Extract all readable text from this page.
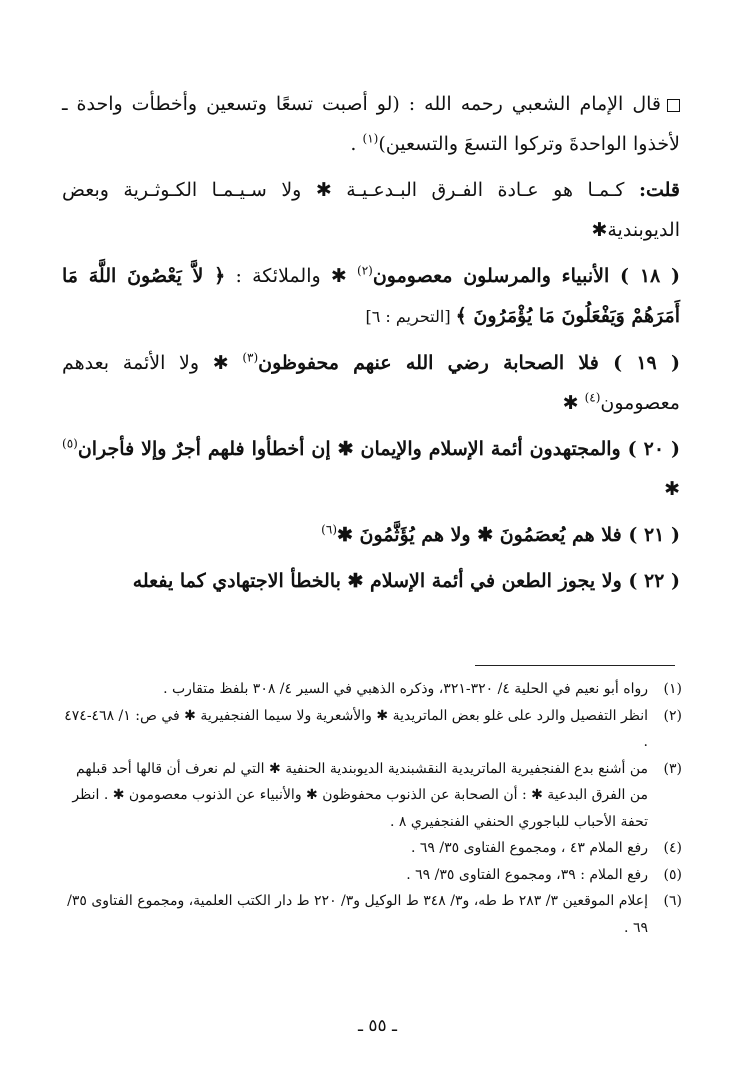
قال الإمام الشعبي رحمه الله : (لو أصبت تسعًا وتسعين وأخطأت واحدة ـ لأخذوا الواحدةَ وتركوا التسعَ والتسعين)$^{(١)}$ .

قلت: كـمـا هو عـادة الفـرق البـدعـيـة ✱ ولا سـيـمـا الكـوثـرية وبعض الديوبندية✱

( ١٨ ) الأنبياء والمرسلون معصومون$^{(٢)}$ ✱ والملائكة : ﴿ لاَّ يَعْصُونَ اللَّهَ مَا أَمَرَهُمْ وَيَفْعَلُونَ مَا يُؤْمَرُونَ ﴾ [التحريم : ٦]

( ١٩ ) فلا الصحابة رضي الله عنهم محفوظون$^{(٣)}$ ✱ ولا الأئمة بعدهم معصومون$^{(٤)}$ ✱

( ٢٠ ) والمجتهدون أئمة الإسلام والإيمان ✱ إن أخطأوا فلهم أجرٌ وإلا فأجران$^{(٥)}$ ✱

( ٢١ ) فلا هم يُعصَمُونَ ✱ ولا هم يُؤَثَّمُونَ ✱$^{(٦)}$

( ٢٢ ) ولا يجوز الطعن في أئمة الإسلام ✱ بالخطأ الاجتهادي كما يفعله

(١)
رواه أبو نعيم في الحلية ٤/ ٣٢٠-٣٢١، وذكره الذهبي في السير ٤/ ٣٠٨ بلفظ متقارب .

(٢)
انظر التفصيل والرد على غلو بعض الماتريدية ✱ والأشعرية ولا سيما الفنجفيرية ✱ في ص: ١/ ٤٦٨-٤٧٤ .

(٣)
من أشنع بدع الفنجفيرية الماتريدية النقشبندية الديوبندية الحنفية ✱ التي لم نعرف أن قالها أحد قبلهم من الفرق البدعية ✱ : أن الصحابة عن الذنوب محفوظون ✱ والأنبياء عن الذنوب معصومون ✱ . انظر تحفة الأحباب للباجوري الحنفي الفنجفيري ٨ .

(٤)
رفع الملام ٤٣ ، ومجموع الفتاوى ٣٥/ ٦٩ .

(٥)
رفع الملام : ٣٩، ومجموع الفتاوى ٣٥/ ٦٩ .

(٦)
إعلام الموقعين ٣/ ٢٨٣ ط طه، و٣/ ٣٤٨ ط الوكيل و٣/ ٢٢٠ ط دار الكتب العلمية، ومجموع الفتاوى ٣٥/ ٦٩ .

ـ ٥٥ ـ
